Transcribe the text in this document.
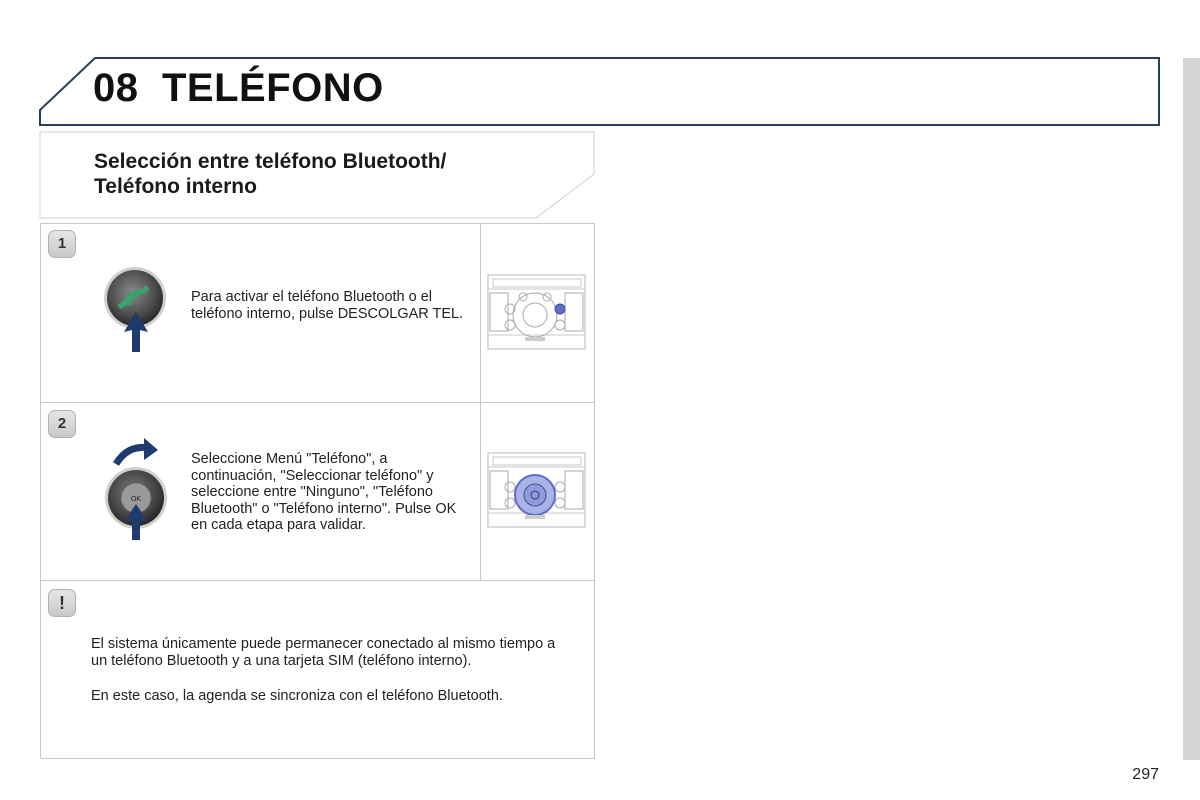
08 TELÉFONO
Selección entre teléfono Bluetooth/
Teléfono interno
1
Para activar el teléfono Bluetooth o el teléfono interno, pulse DESCOLGAR TEL.
2
OK
Seleccione Menú "Teléfono", a continuación, "Seleccionar teléfono" y seleccione entre "Ninguno", "Teléfono Bluetooth" o "Teléfono interno". Pulse OK en cada etapa para validar.
!
El sistema únicamente puede permanecer conectado al mismo tiempo a un teléfono Bluetooth y a una tarjeta SIM (teléfono interno).
En este caso, la agenda se sincroniza con el teléfono Bluetooth.
297
